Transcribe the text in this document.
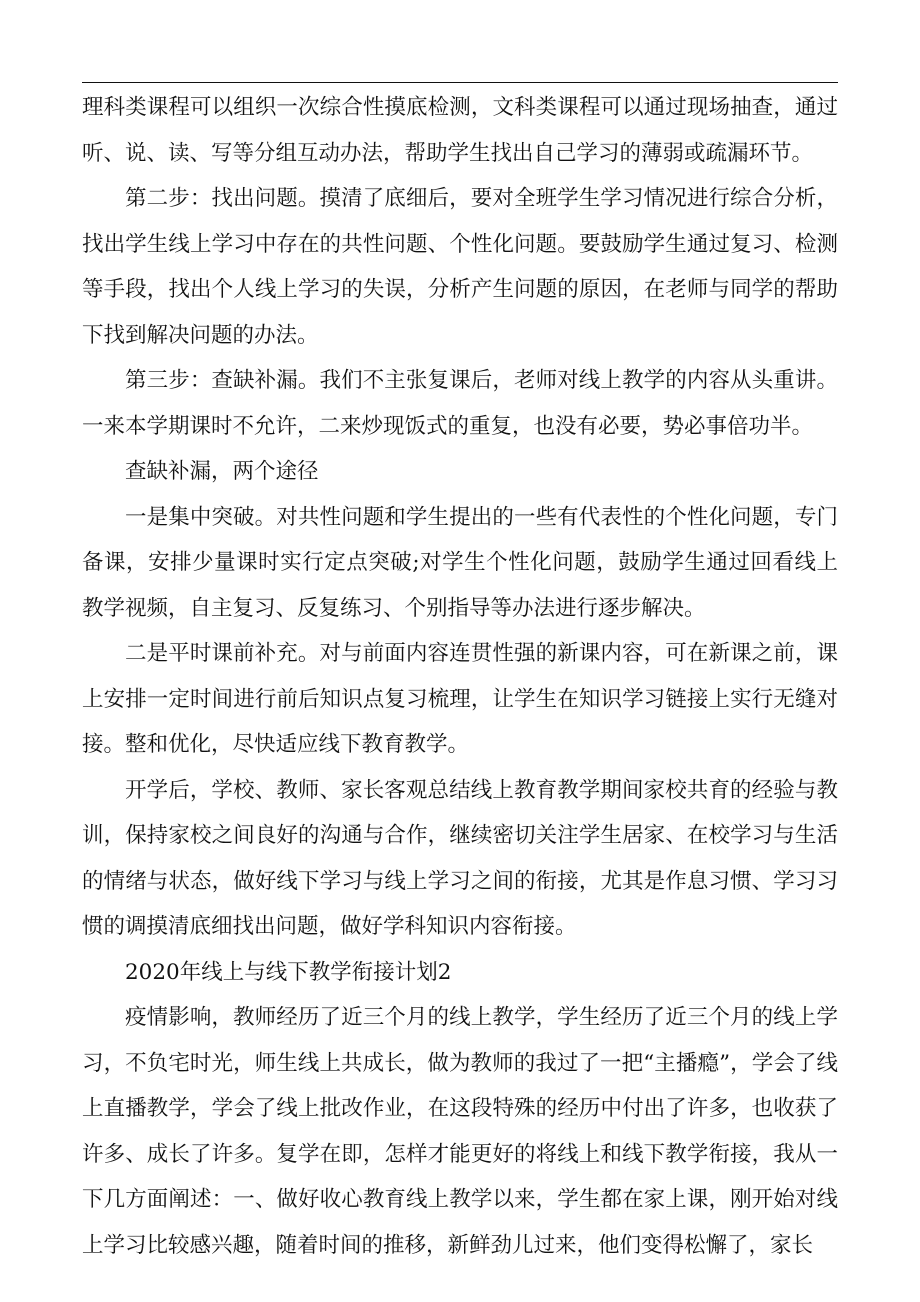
理科类课程可以组织一次综合性摸底检测，文科类课程可以通过现场抽查，通过听、说、读、写等分组互动办法，帮助学生找出自己学习的薄弱或疏漏环节。

第二步：找出问题。摸清了底细后，要对全班学生学习情况进行综合分析，找出学生线上学习中存在的共性问题、个性化问题。要鼓励学生通过复习、检测等手段，找出个人线上学习的失误，分析产生问题的原因，在老师与同学的帮助下找到解决问题的办法。

第三步：查缺补漏。我们不主张复课后，老师对线上教学的内容从头重讲。一来本学期课时不允许，二来炒现饭式的重复，也没有必要，势必事倍功半。

查缺补漏，两个途径

一是集中突破。对共性问题和学生提出的一些有代表性的个性化问题，专门备课，安排少量课时实行定点突破;对学生个性化问题，鼓励学生通过回看线上教学视频，自主复习、反复练习、个别指导等办法进行逐步解决。

二是平时课前补充。对与前面内容连贯性强的新课内容，可在新课之前，课上安排一定时间进行前后知识点复习梳理，让学生在知识学习链接上实行无缝对接。整和优化，尽快适应线下教育教学。

开学后，学校、教师、家长客观总结线上教育教学期间家校共育的经验与教训，保持家校之间良好的沟通与合作，继续密切关注学生居家、在校学习与生活的情绪与状态，做好线下学习与线上学习之间的衔接，尤其是作息习惯、学习习惯的调摸清底细找出问题，做好学科知识内容衔接。

2020年线上与线下教学衔接计划2

疫情影响，教师经历了近三个月的线上教学，学生经历了近三个月的线上学习，不负宅时光，师生线上共成长，做为教师的我过了一把“主播瘾”，学会了线上直播教学，学会了线上批改作业，在这段特殊的经历中付出了许多，也收获了许多、成长了许多。复学在即，怎样才能更好的将线上和线下教学衔接，我从一下几方面阐述：一、做好收心教育线上教学以来，学生都在家上课，刚开始对线上学习比较感兴趣，随着时间的推移，新鲜劲儿过来，他们变得松懈了，家长
